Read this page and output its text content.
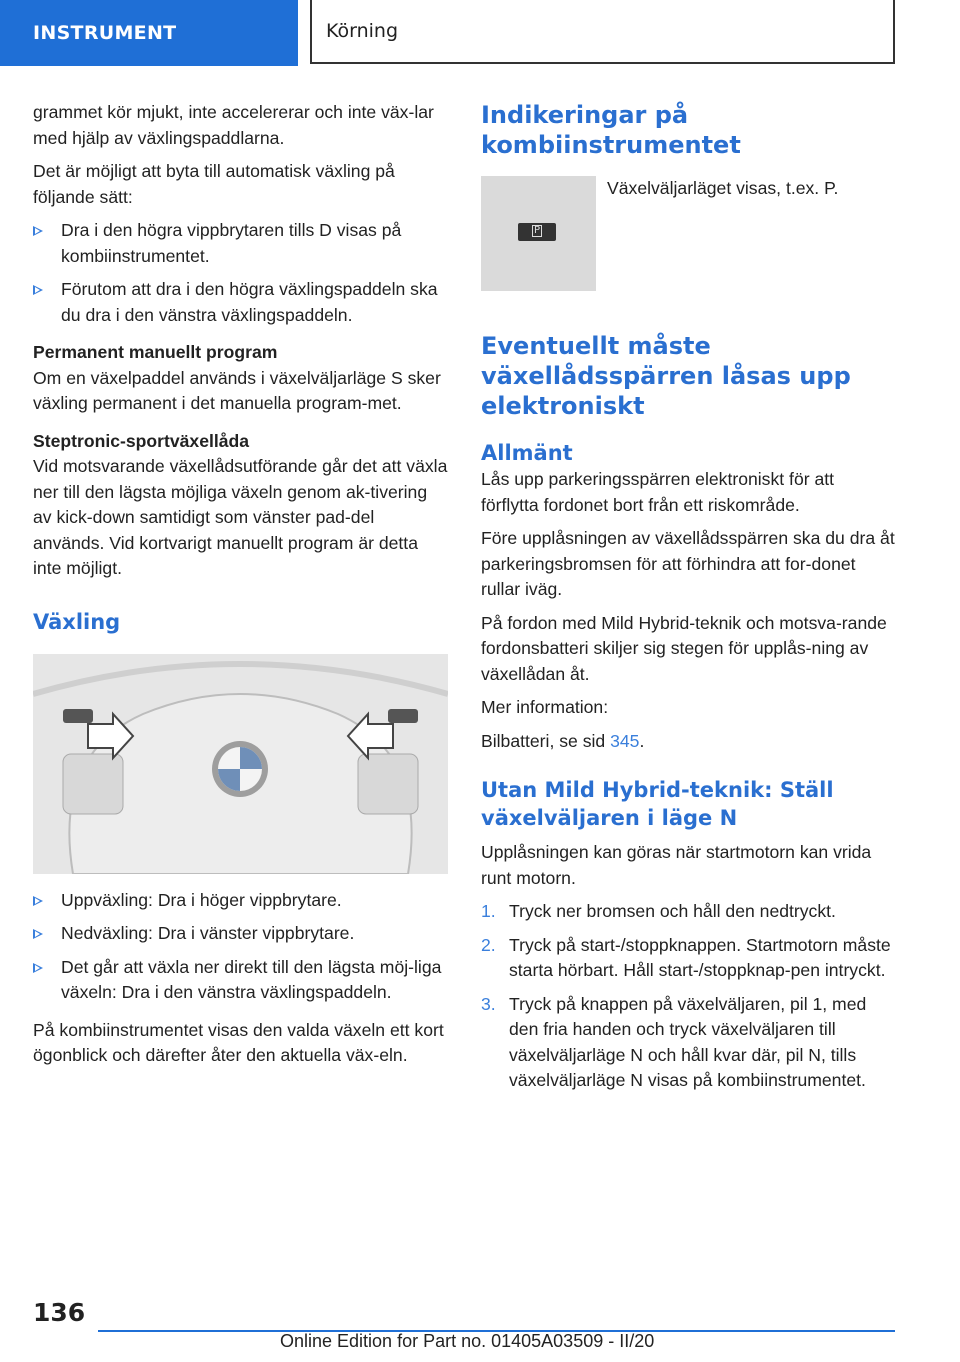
INSTRUMENT	Körning

grammet kör mjukt, inte accelererar och inte väx-lar med hjälp av växlingspaddlarna.

Det är möjligt att byta till automatisk växling på följande sätt:

Dra i den högra vippbrytaren tills D visas på kombiinstrumentet.
Förutom att dra i den högra växlingspaddeln ska du dra i den vänstra växlingspaddeln.
Permanent manuellt program

Om en växelpaddel används i växelväljarläge S sker växling permanent i det manuella program-met.

Steptronic-sportväxellåda

Vid motsvarande växellådsutförande går det att växla ner till den lägsta möjliga växeln genom ak-tivering av kick-down samtidigt som vänster pad-del används. Vid kortvarigt manuellt program är detta inte möjligt.

Växling
Uppväxling: Dra i höger vippbrytare.
Nedväxling: Dra i vänster vippbrytare.
Det går att växla ner direkt till den lägsta möj-liga växeln: Dra i den vänstra växlingspaddeln.

På kombiinstrumentet visas den valda växeln ett kort ögonblick och därefter åter den aktuella väx-eln.

Indikeringar på kombiinstrumentet
P

Växelväljarläget visas, t.ex. P.

Eventuellt måste växellådsspärren låsas upp elektroniskt
Allmänt

Lås upp parkeringsspärren elektroniskt för att förflytta fordonet bort från ett riskområde.

Före upplåsningen av växellådsspärren ska du dra åt parkeringsbromsen för att förhindra att for-donet rullar iväg.

På fordon med Mild Hybrid-teknik och motsva-rande fordonsbatteri skiljer sig stegen för upplås-ning av växellådan åt.

Mer information:

Bilbatteri, se sid 345.

Utan Mild Hybrid-teknik: Ställ växelväljaren i läge N

Upplåsningen kan göras när startmotorn kan vrida runt motorn.

1. Tryck ner bromsen och håll den nedtryckt.
2. Tryck på start-/stoppknappen. Startmotorn måste starta hörbart. Håll start-/stoppknap-pen intryckt.
3. Tryck på knappen på växelväljaren, pil 1, med den fria handen och tryck växelväljaren till växelväljarläge N och håll kvar där, pil N, tills växelväljarläge N visas på kombiinstrumentet.
136
Online Edition for Part no. 01405A03509 - II/20
